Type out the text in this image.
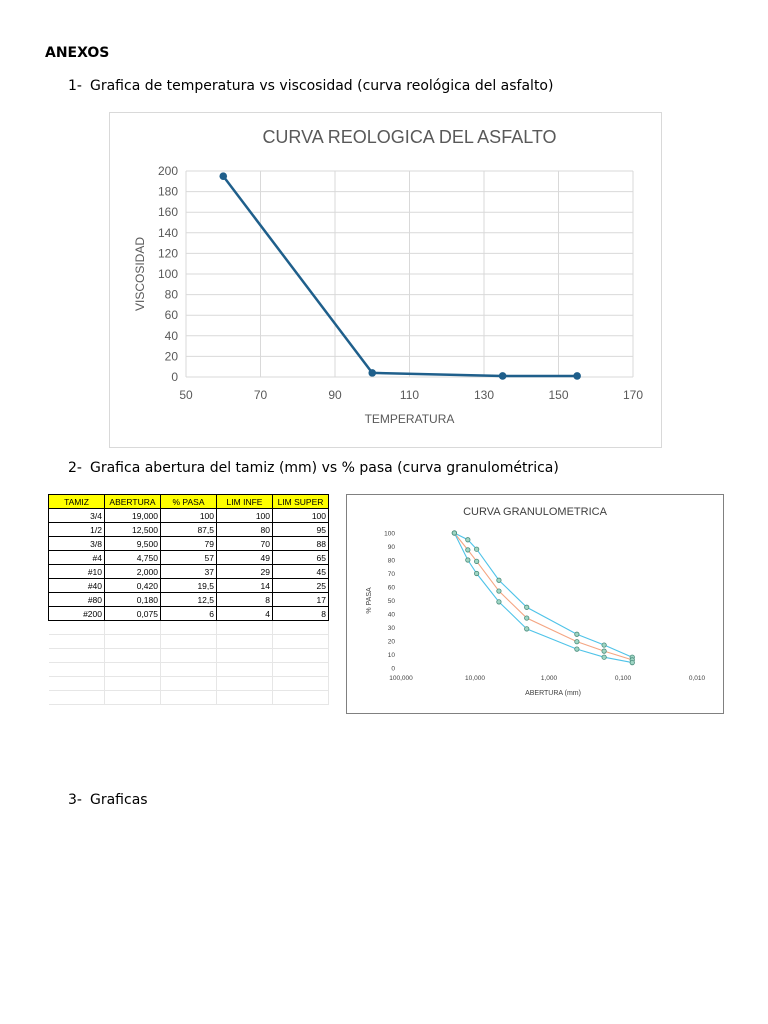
ANEXOS
1- Grafica de temperatura vs viscosidad (curva reológica del asfalto)
0
20
40
60
80
100
120
140
160
180
200
50	70	90	110	130	150	170
CURVA REOLOGICA DEL ASFALTO
TEMPERATURA
VISCOSIDAD
2- Grafica abertura del tamiz (mm) vs % pasa (curva granulométrica)
TAMIZ	ABERTURA	% PASA	LIM INFE	LIM SUPER
3/4	19,000	100	100	100
1/2	12,500	87,5	80	95
3/8	9,500	79	70	88
#4	4,750	57	49	65
#10	2,000	37	29	45
#40	0,420	19,5	14	25
#80	0,180	12,5	8	17
#200	0,075	6	4	8

CURVA GRANULOMETRICA
0
10
20
30
40
50
60
70
80
90
100
100,000	10,000	1,000	0,100	0,010
ABERTURA (mm)
% PASA
3- Graficas
